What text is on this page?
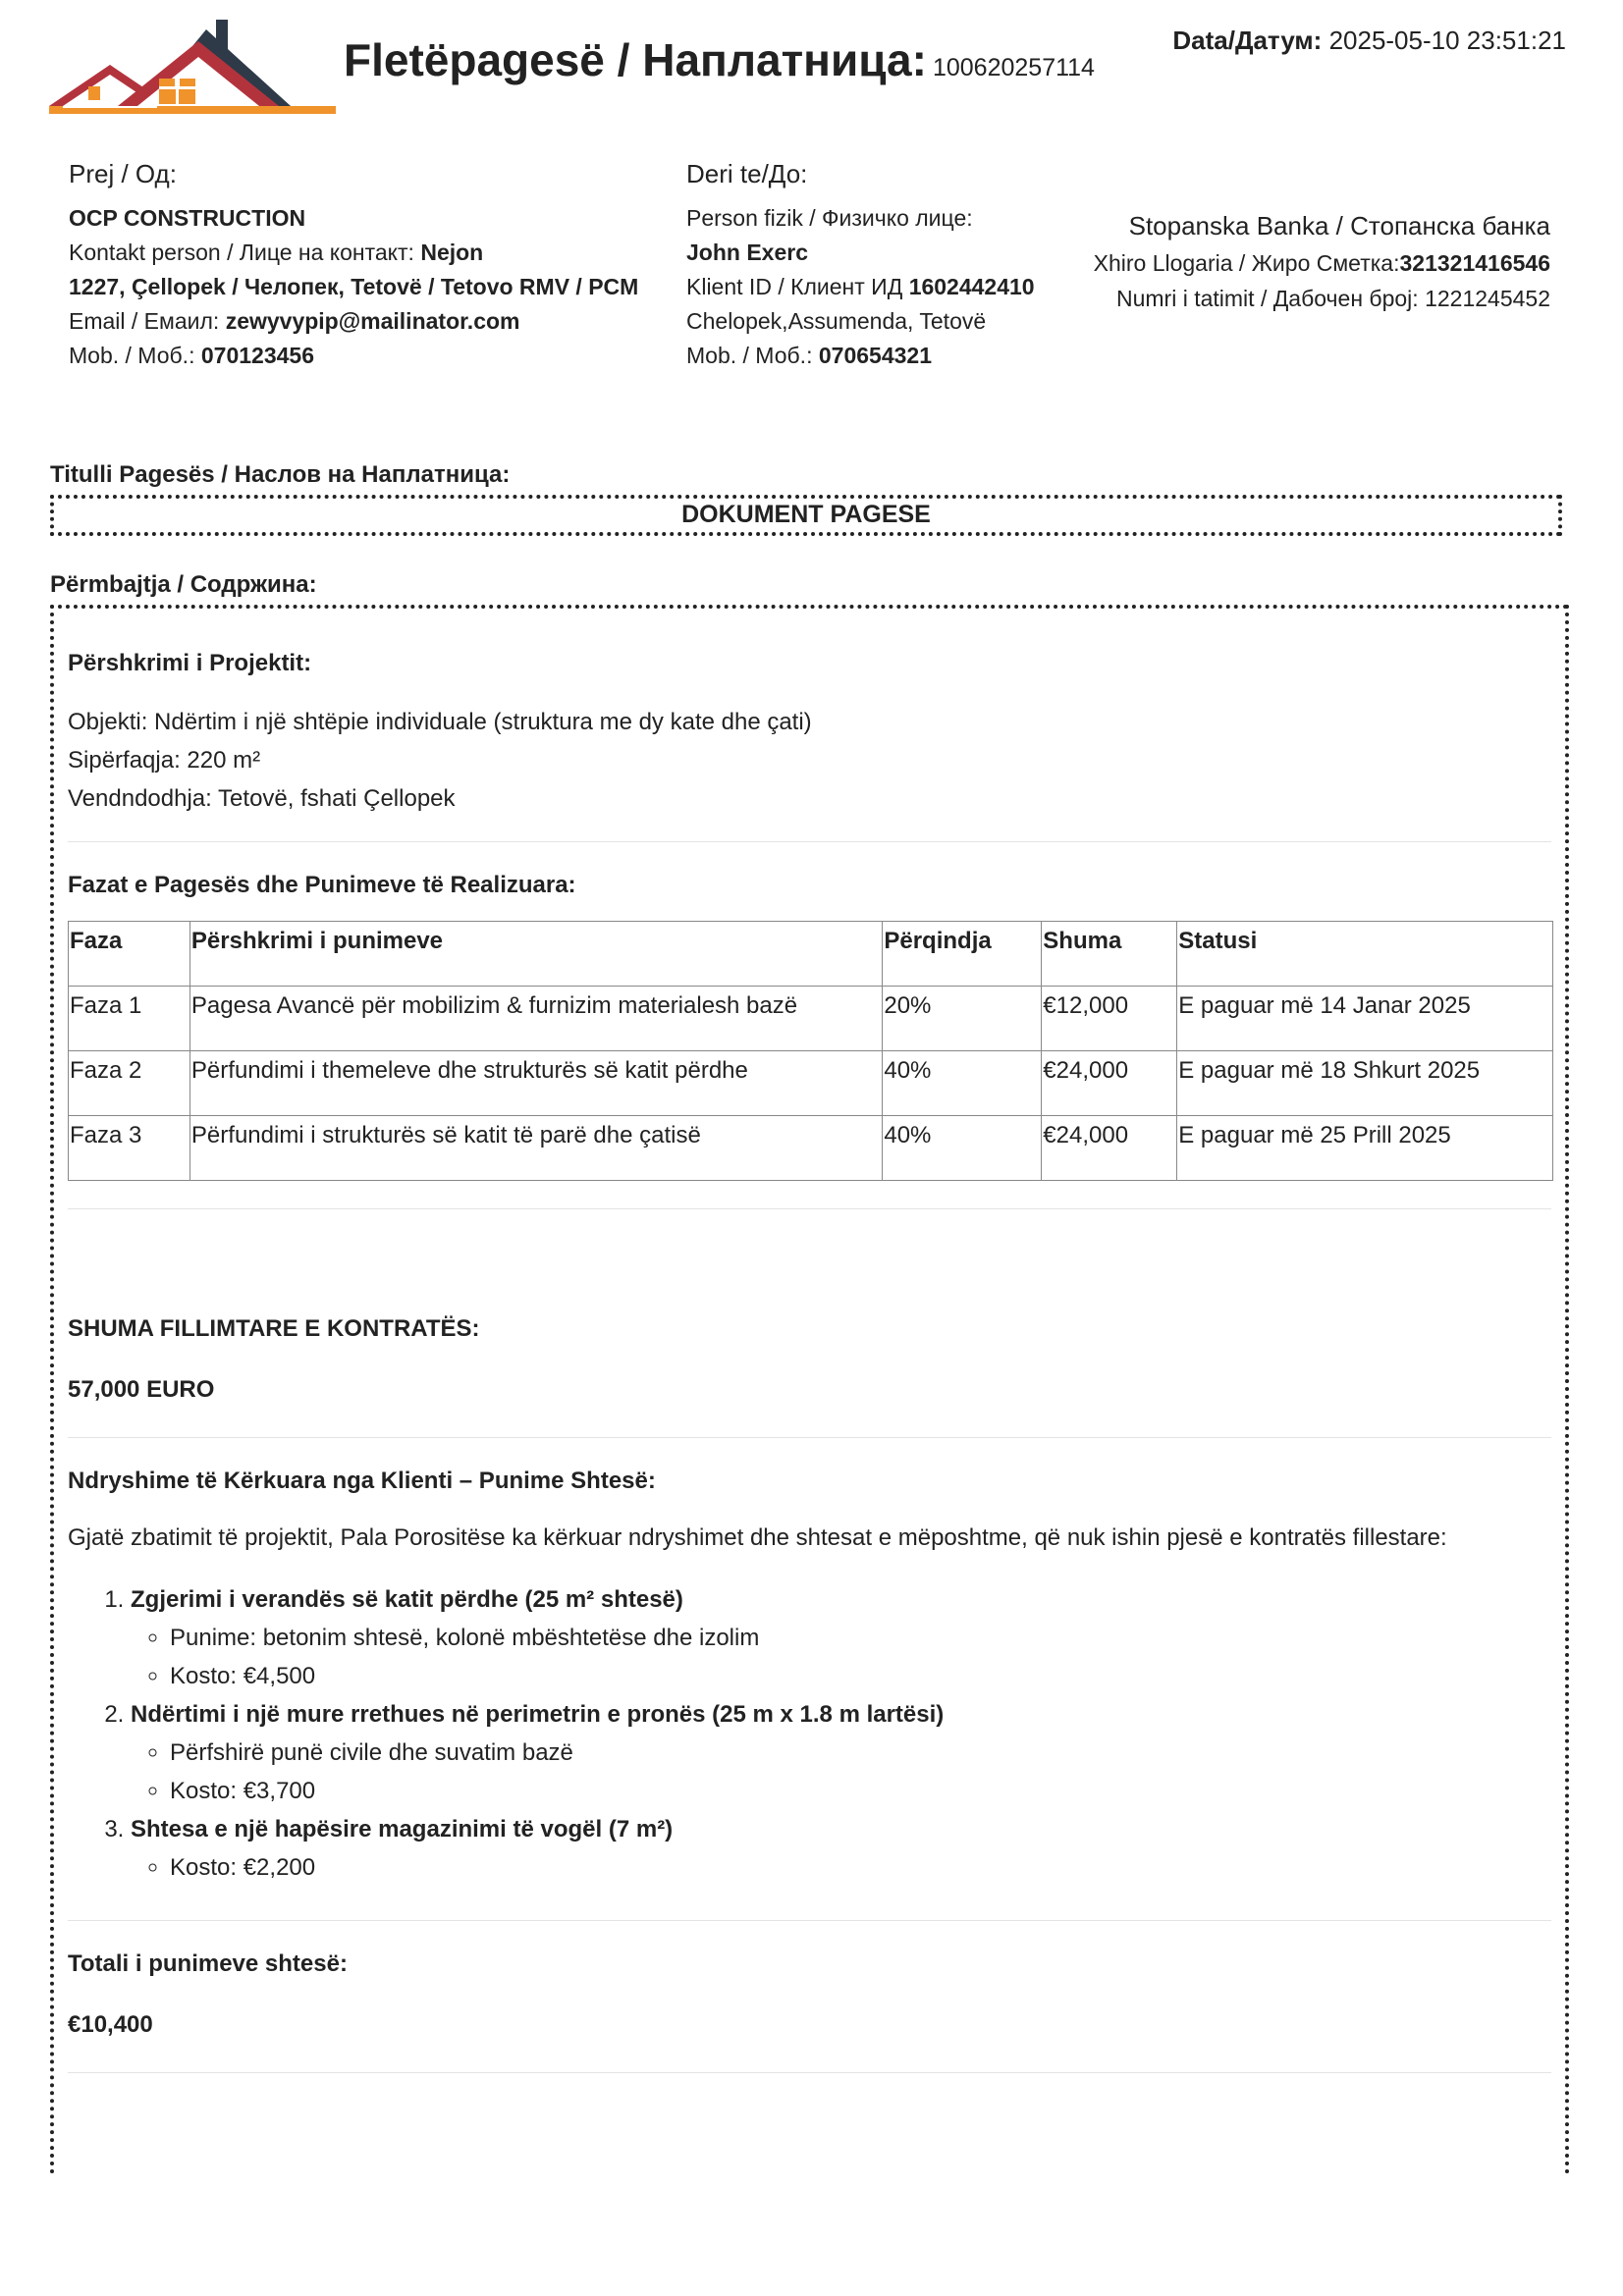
Fletëpagesë / Наплатница: 100620257114
Data/Датум: 2025-05-10 23:51:21
Prej / Од:
OCP CONSTRUCTION
Kontakt person / Лице на контакт: Nejon
1227, Çellopek / Челопек, Tetovë / Tetovo RMV / PCM
Email / Емаил: zewyvypip@mailinator.com
Mob. / Моб.: 070123456
Deri te/До:
Person fizik / Физичко лице:
John Exerc
Klient ID / Клиент ИД 1602442410
Chelopek,Assumenda, Tetovë
Mob. / Моб.: 070654321
Stopanska Banka / Стопанска банка
Xhiro Llogaria / Жиро Сметка:321321416546
Numri i tatimit / Дабочен број: 1221245452
Titulli Pagesës / Наслов на Наплатница:
DOKUMENT PAGESE
Përmbajtja / Содржина:
Përshkrimi i Projektit:

Objekti: Ndërtim i një shtëpie individuale (struktura me dy kate dhe çati)

Sipërfaqja: 220 m²

Vendndodhja: Tetovë, fshati Çellopek

Fazat e Pagesës dhe Punimeve të Realizuara:
Faza	Përshkrimi i punimeve	Përqindja	Shuma	Statusi
Faza 1	Pagesa Avancë për mobilizim & furnizim materialesh bazë	20%	€12,000	E paguar më 14 Janar 2025
Faza 2	Përfundimi i themeleve dhe strukturës së katit përdhe	40%	€24,000	E paguar më 18 Shkurt 2025
Faza 3	Përfundimi i strukturës së katit të parë dhe çatisë	40%	€24,000	E paguar më 25 Prill 2025
SHUMA FILLIMTARE E KONTRATËS:
57,000 EURO
Ndryshime të Kërkuara nga Klienti – Punime Shtesë:

Gjatë zbatimit të projektit, Pala Porositëse ka kërkuar ndryshimet dhe shtesat e mëposhtme, që nuk ishin pjesë e kontratës fillestare:

1. Zgjerimi i verandës së katit përdhe (25 m² shtesë)
◦ Punime: betonim shtesë, kolonë mbështetëse dhe izolim
◦ Kosto: €4,500
2. Ndërtimi i një mure rrethues në perimetrin e pronës (25 m x 1.8 m lartësi)
◦ Përfshirë punë civile dhe suvatim bazë
◦ Kosto: €3,700
3. Shtesa e një hapësire magazinimi të vogël (7 m²)
◦ Kosto: €2,200
Totali i punimeve shtesë:
€10,400
